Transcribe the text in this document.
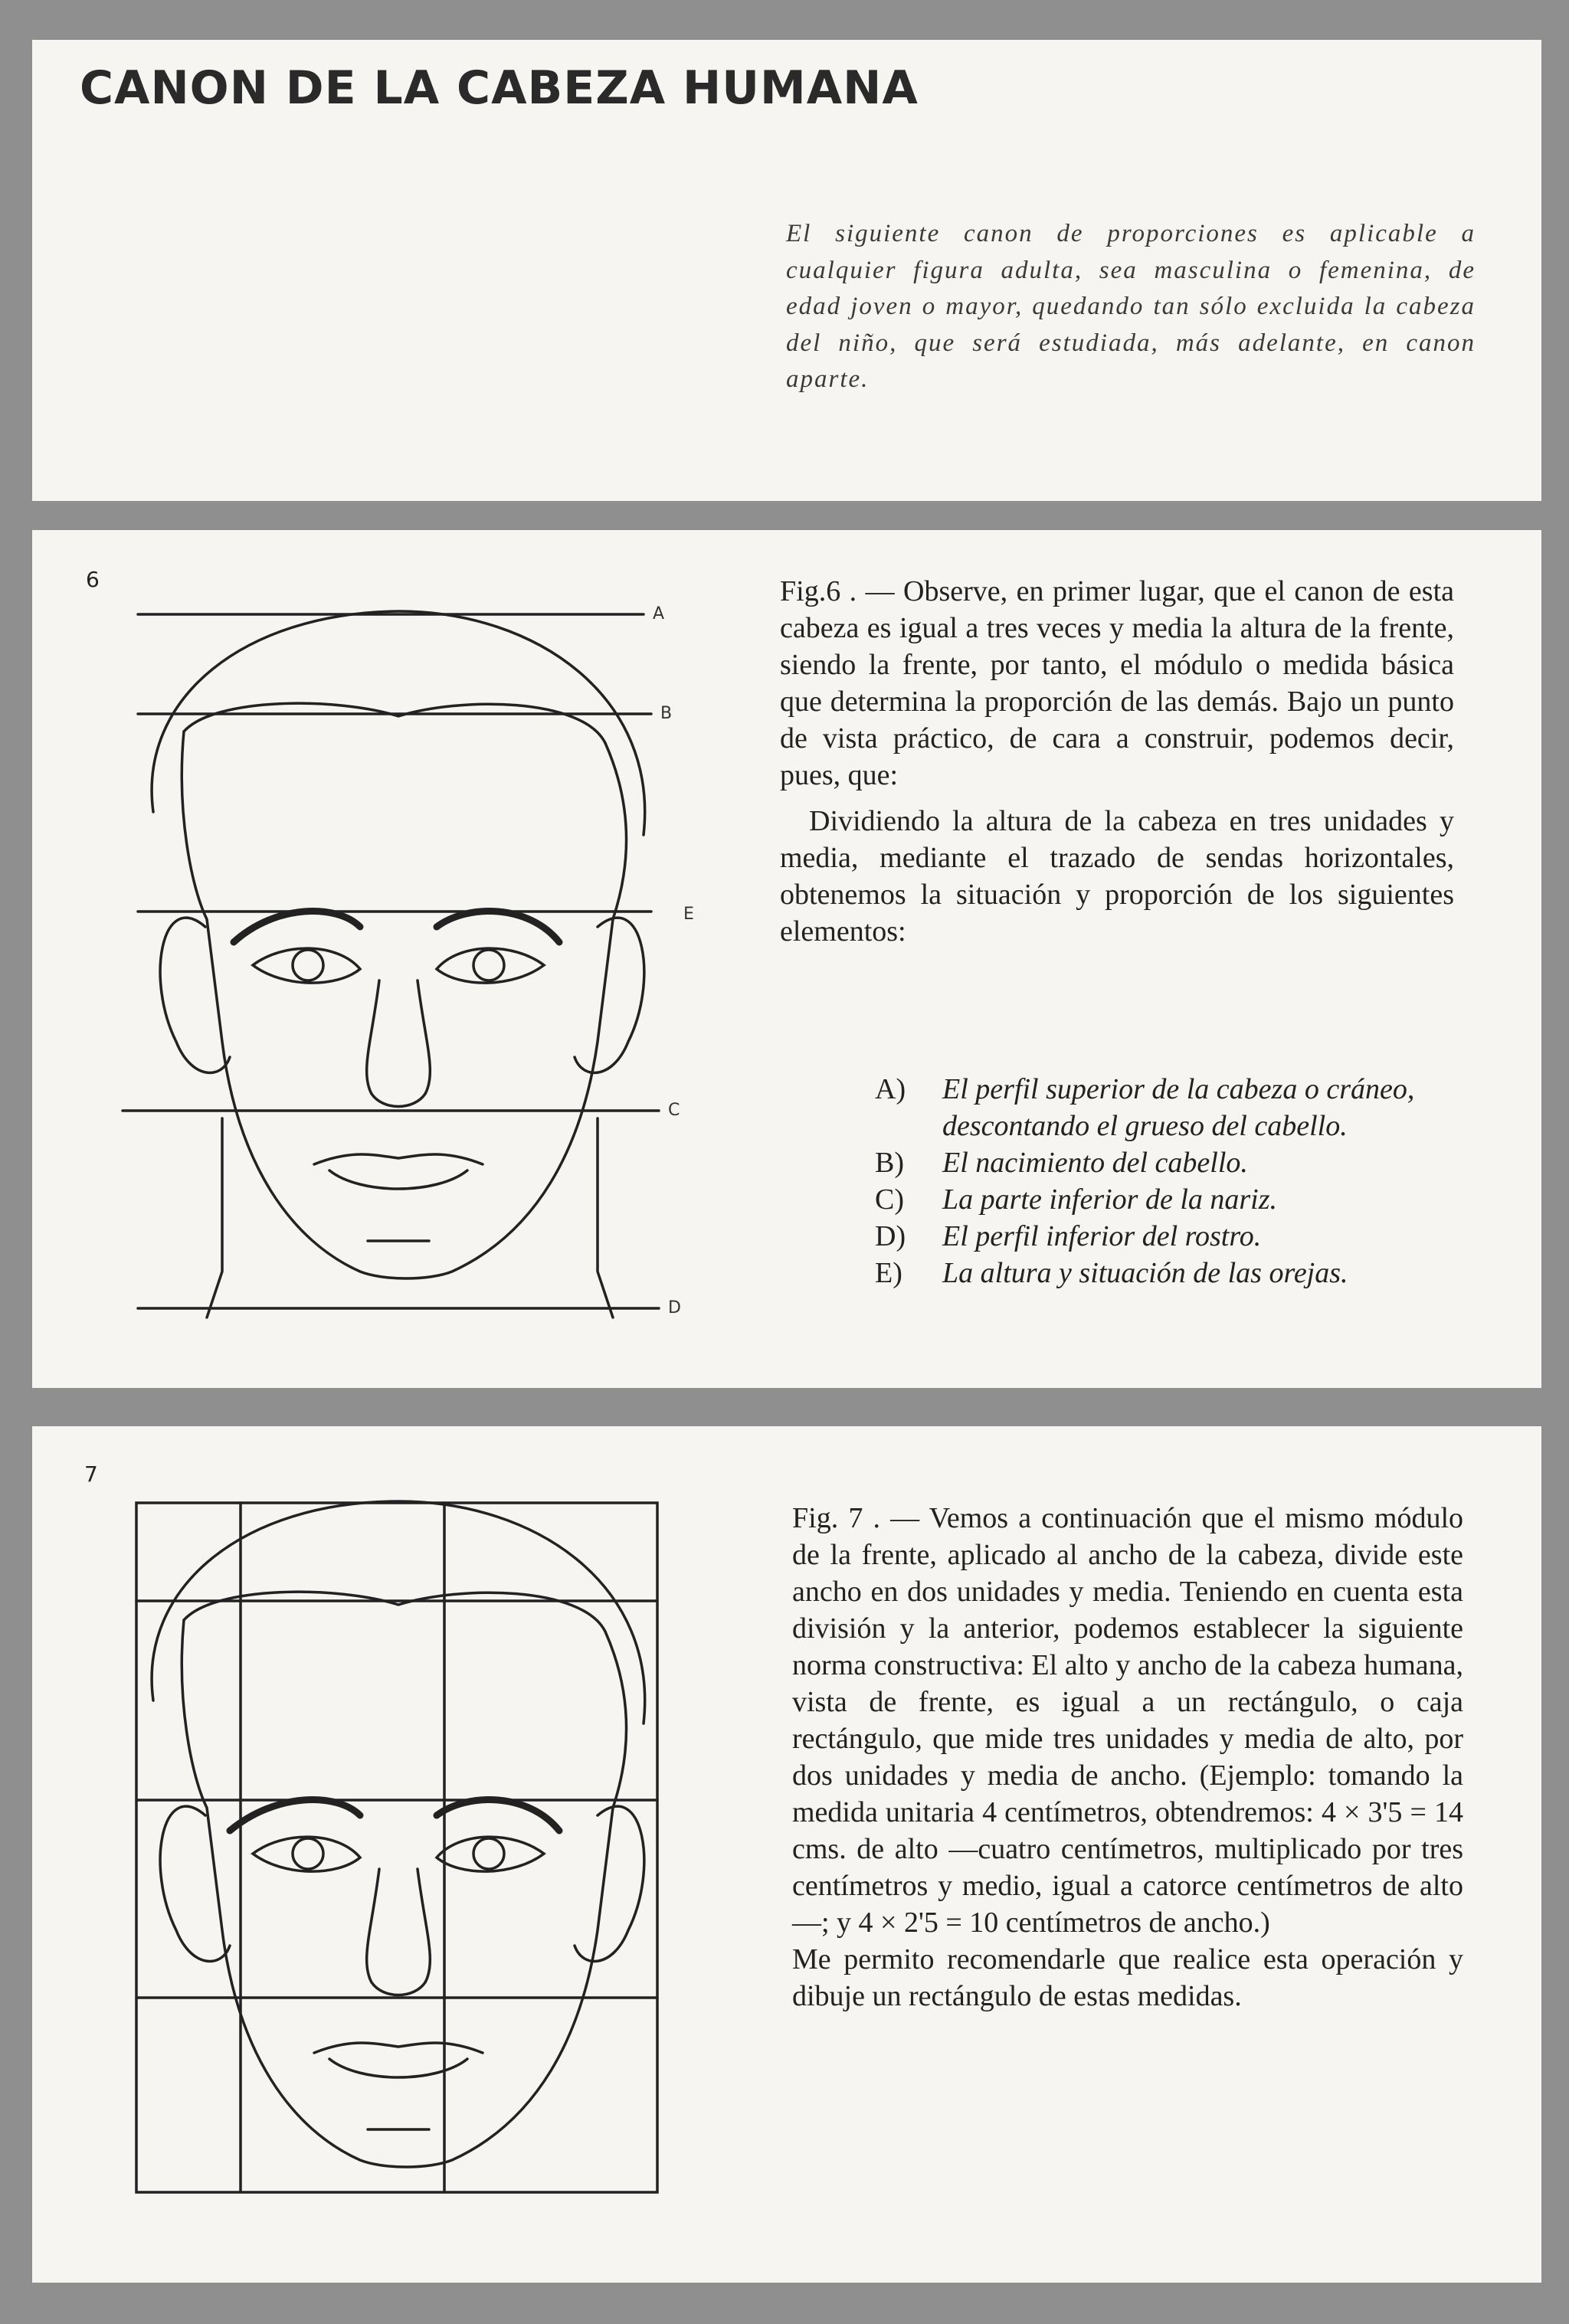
CANON DE LA CABEZA HUMANA
El siguiente canon de proporciones es aplicable a cualquier figura adulta, sea masculina o femenina, de edad joven o mayor, quedando tan sólo excluida la cabeza del niño, que será estudiada, más adelante, en canon aparte.
6
A
B
E
C
D

Fig.6 . — Observe, en primer lugar, que el canon de esta cabeza es igual a tres veces y media la altura de la frente, siendo la frente, por tanto, el módulo o medida básica que determina la proporción de las demás. Bajo un punto de vista práctico, de cara a construir, podemos decir, pues, que:

Dividiendo la altura de la cabeza en tres unidades y media, mediante el trazado de sendas horizontales, obtenemos la situación y proporción de los siguientes elementos:

A)	El perfil superior de la cabeza o cráneo, descontando el grueso del cabello.
B)	El nacimiento del cabello.
C)	La parte inferior de la nariz.
D)	El perfil inferior del rostro.
E)	La altura y situación de las orejas.
7

Fig. 7 . — Vemos a continuación que el mismo módulo de la frente, aplicado al ancho de la cabeza, divide este ancho en dos unidades y media. Teniendo en cuenta esta división y la anterior, podemos establecer la siguiente norma constructiva: El alto y ancho de la cabeza humana, vista de frente, es igual a un rectángulo, o caja rectángulo, que mide tres unidades y media de alto, por dos unidades y media de ancho. (Ejemplo: tomando la medida unitaria 4 centímetros, obtendremos: 4 × 3'5 = 14 cms. de alto —cuatro centímetros, multiplicado por tres centímetros y medio, igual a catorce centímetros de alto—; y 4 × 2'5 = 10 centímetros de ancho.)

Me permito recomendarle que realice esta operación y dibuje un rectángulo de estas medidas.
